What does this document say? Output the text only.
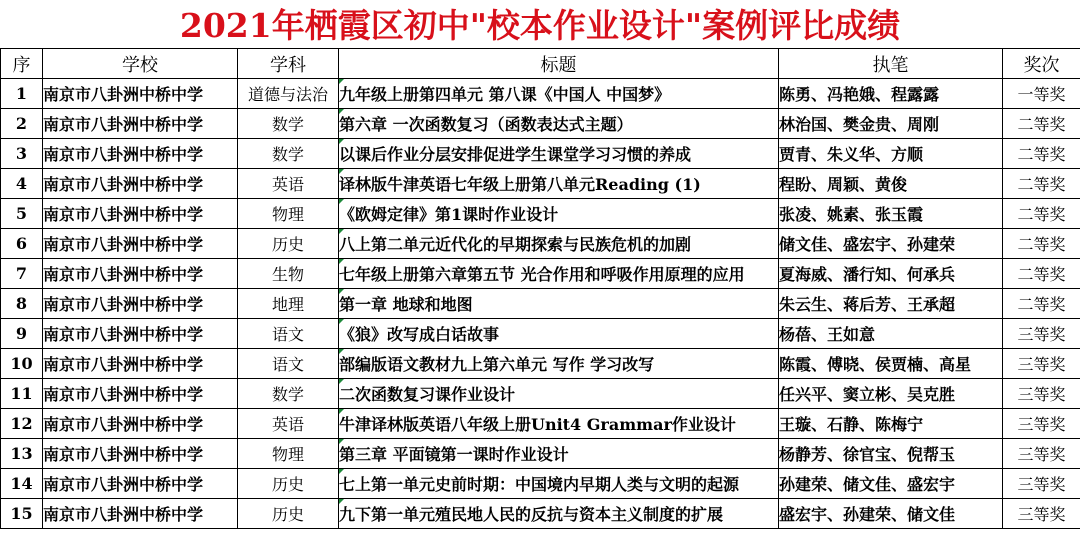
2021年栖霞区初中"校本作业设计"案例评比成绩
序	学校	学科	标题	执笔	奖次
1	南京市八卦洲中桥中学	道德与法治	九年级上册第四单元 第八课《中国人 中国梦》	陈勇、冯艳娥、程露露	一等奖
2	南京市八卦洲中桥中学	数学	第六章 一次函数复习（函数表达式主题）	林治国、樊金贵、周刚	二等奖
3	南京市八卦洲中桥中学	数学	以课后作业分层安排促进学生课堂学习习惯的养成	贾青、朱义华、方顺	二等奖
4	南京市八卦洲中桥中学	英语	译林版牛津英语七年级上册第八单元Reading (1)	程盼、周颖、黄俊	二等奖
5	南京市八卦洲中桥中学	物理	《欧姆定律》第1课时作业设计	张凌、姚素、张玉霞	二等奖
6	南京市八卦洲中桥中学	历史	八上第二单元近代化的早期探索与民族危机的加剧	储文佳、盛宏宇、孙建荣	二等奖
7	南京市八卦洲中桥中学	生物	七年级上册第六章第五节 光合作用和呼吸作用原理的应用	夏海威、潘行知、何承兵	二等奖
8	南京市八卦洲中桥中学	地理	第一章 地球和地图	朱云生、蒋后芳、王承超	二等奖
9	南京市八卦洲中桥中学	语文	《狼》改写成白话故事	杨蓓、王如意	三等奖
10	南京市八卦洲中桥中学	语文	部编版语文教材九上第六单元 写作 学习改写	陈霞、傅晓、侯贾楠、高星	三等奖
11	南京市八卦洲中桥中学	数学	二次函数复习课作业设计	任兴平、窦立彬、吴克胜	三等奖
12	南京市八卦洲中桥中学	英语	牛津译林版英语八年级上册Unit4 Grammar作业设计	王璇、石静、陈梅宁	三等奖
13	南京市八卦洲中桥中学	物理	第三章 平面镜第一课时作业设计	杨静芳、徐官宝、倪帮玉	三等奖
14	南京市八卦洲中桥中学	历史	七上第一单元史前时期：中国境内早期人类与文明的起源	孙建荣、储文佳、盛宏宇	三等奖
15	南京市八卦洲中桥中学	历史	九下第一单元殖民地人民的反抗与资本主义制度的扩展	盛宏宇、孙建荣、储文佳	三等奖
